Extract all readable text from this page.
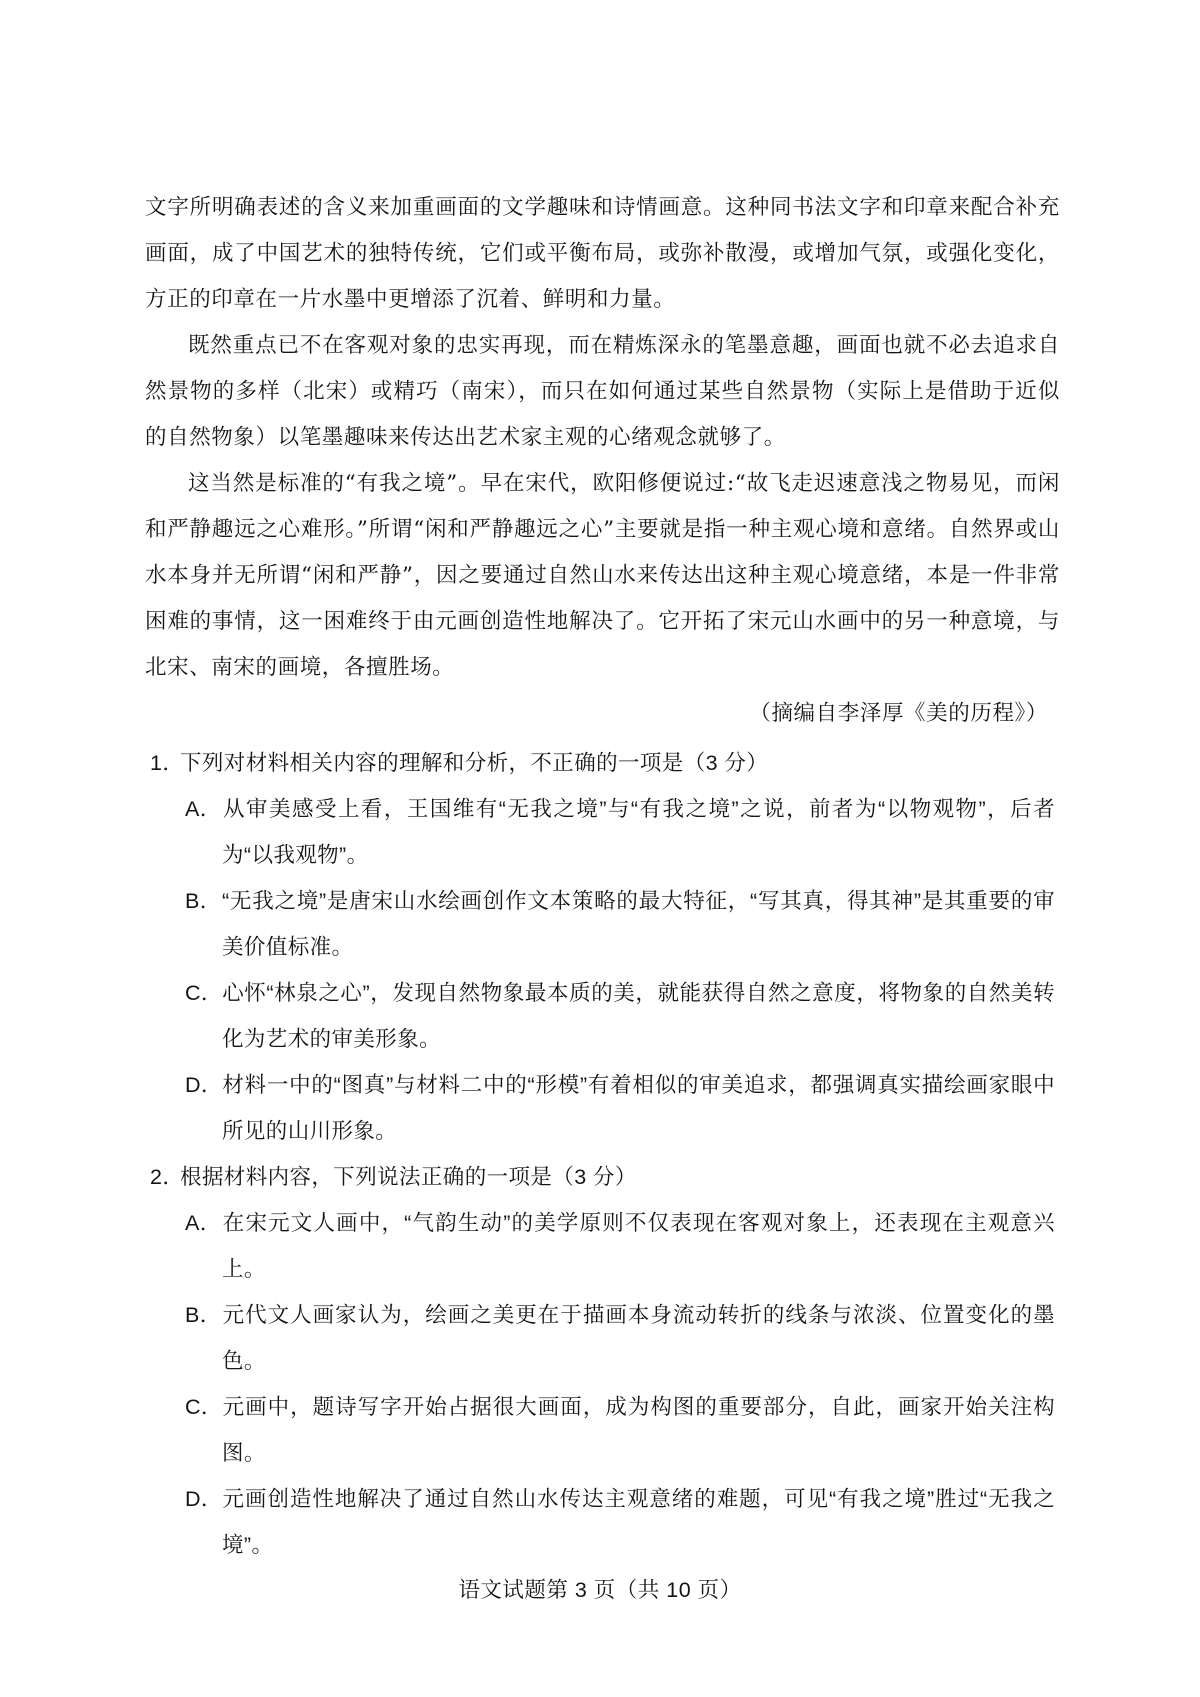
文字所明确表述的含义来加重画面的文学趣味和诗情画意。这种同书法文字和印章来配合补充画面，成了中国艺术的独特传统，它们或平衡布局，或弥补散漫，或增加气氛，或强化变化，方正的印章在一片水墨中更增添了沉着、鲜明和力量。

既然重点已不在客观对象的忠实再现，而在精炼深永的笔墨意趣，画面也就不必去追求自然景物的多样（北宋）或精巧（南宋），而只在如何通过某些自然景物（实际上是借助于近似的自然物象）以笔墨趣味来传达出艺术家主观的心绪观念就够了。

这当然是标准的“有我之境”。早在宋代，欧阳修便说过:“故飞走迟速意浅之物易见，而闲和严静趣远之心难形。”所谓“闲和严静趣远之心”主要就是指一种主观心境和意绪。自然界或山水本身并无所谓“闲和严静”，因之要通过自然山水来传达出这种主观心境意绪，本是一件非常困难的事情，这一困难终于由元画创造性地解决了。它开拓了宋元山水画中的另一种意境，与北宋、南宋的画境，各擅胜场。

（摘编自李泽厚《美的历程》）

1．下列对材料相关内容的理解和分析，不正确的一项是（3 分）

A．从审美感受上看，王国维有“无我之境”与“有我之境”之说，前者为“以物观物”，后者为“以我观物”。

B．“无我之境”是唐宋山水绘画创作文本策略的最大特征，“写其真，得其神”是其重要的审美价值标准。

C．心怀“林泉之心”，发现自然物象最本质的美，就能获得自然之意度，将物象的自然美转化为艺术的审美形象。

D．材料一中的“图真”与材料二中的“形模”有着相似的审美追求，都强调真实描绘画家眼中所见的山川形象。

2．根据材料内容，下列说法正确的一项是（3 分）

A．在宋元文人画中，“气韵生动”的美学原则不仅表现在客观对象上，还表现在主观意兴上。

B．元代文人画家认为，绘画之美更在于描画本身流动转折的线条与浓淡、位置变化的墨色。

C．元画中，题诗写字开始占据很大画面，成为构图的重要部分，自此，画家开始关注构图。

D．元画创造性地解决了通过自然山水传达主观意绪的难题，可见“有我之境”胜过“无我之境”。

语文试题第 3 页（共 10 页）
